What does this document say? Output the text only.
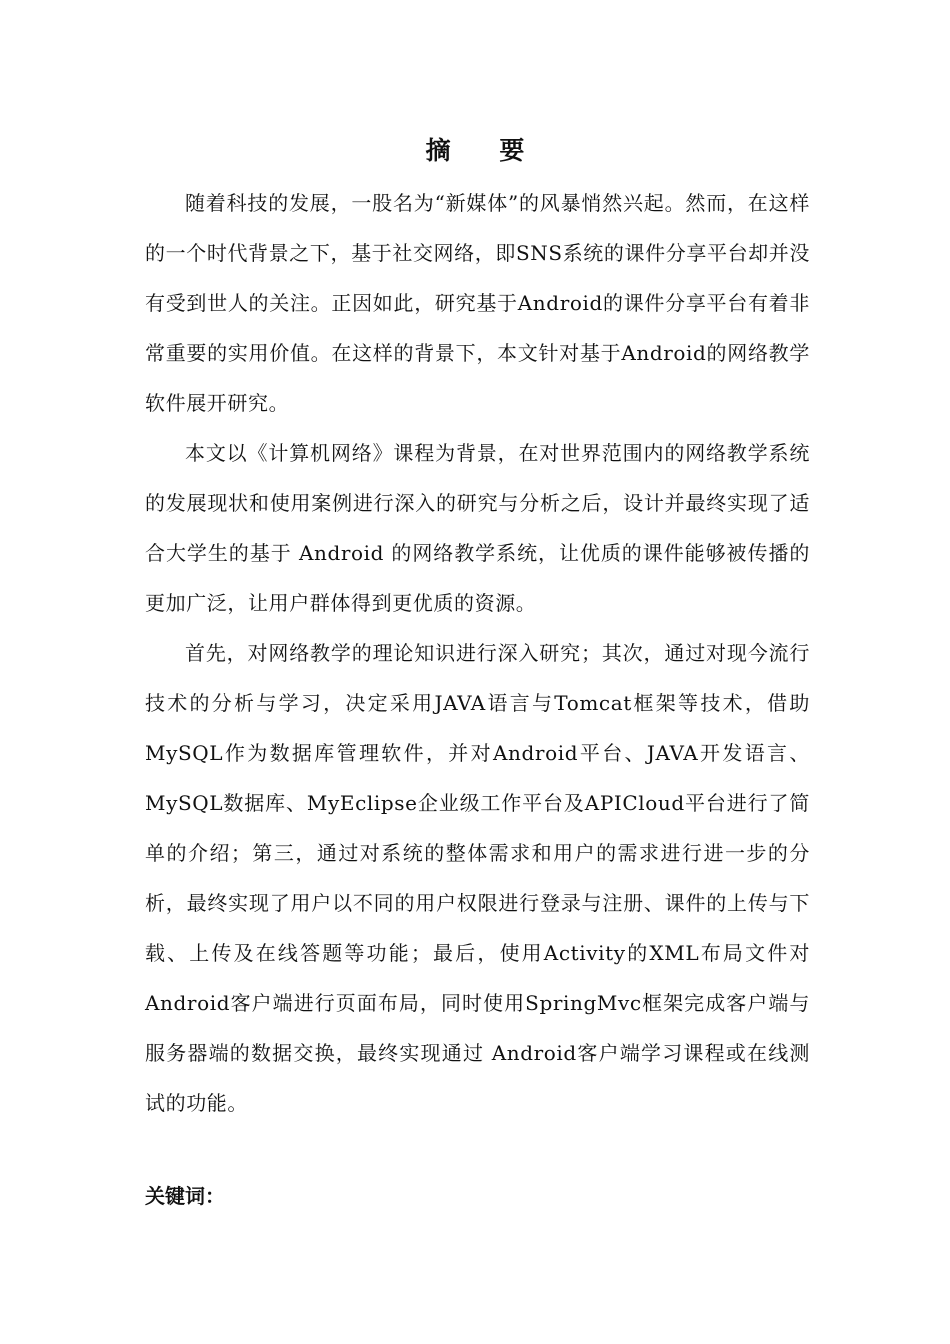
摘 要

随着科技的发展，一股名为“新媒体”的风暴悄然兴起。然而，在这样的一个时代背景之下，基于社交网络，即SNS系统的课件分享平台却并没有受到世人的关注。正因如此，研究基于Android的课件分享平台有着非常重要的实用价值。在这样的背景下，本文针对基于Android的网络教学软件展开研究。

本文以《计算机网络》课程为背景，在对世界范围内的网络教学系统的发展现状和使用案例进行深入的研究与分析之后，设计并最终实现了适合大学生的基于 Android 的网络教学系统，让优质的课件能够被传播的更加广泛，让用户群体得到更优质的资源。

首先，对网络教学的理论知识进行深入研究；其次，通过对现今流行技术的分析与学习，决定采用JAVA语言与Tomcat框架等技术，借助MySQL作为数据库管理软件，并对Android平台、JAVA开发语言、MySQL数据库、MyEclipse企业级工作平台及APICloud平台进行了简单的介绍；第三，通过对系统的整体需求和用户的需求进行进一步的分析，最终实现了用户以不同的用户权限进行登录与注册、课件的上传与下载、上传及在线答题等功能；最后，使用Activity的XML布局文件对Android客户端进行页面布局，同时使用SpringMvc框架完成客户端与服务器端的数据交换，最终实现通过 Android客户端学习课程或在线测试的功能。

关键词：
